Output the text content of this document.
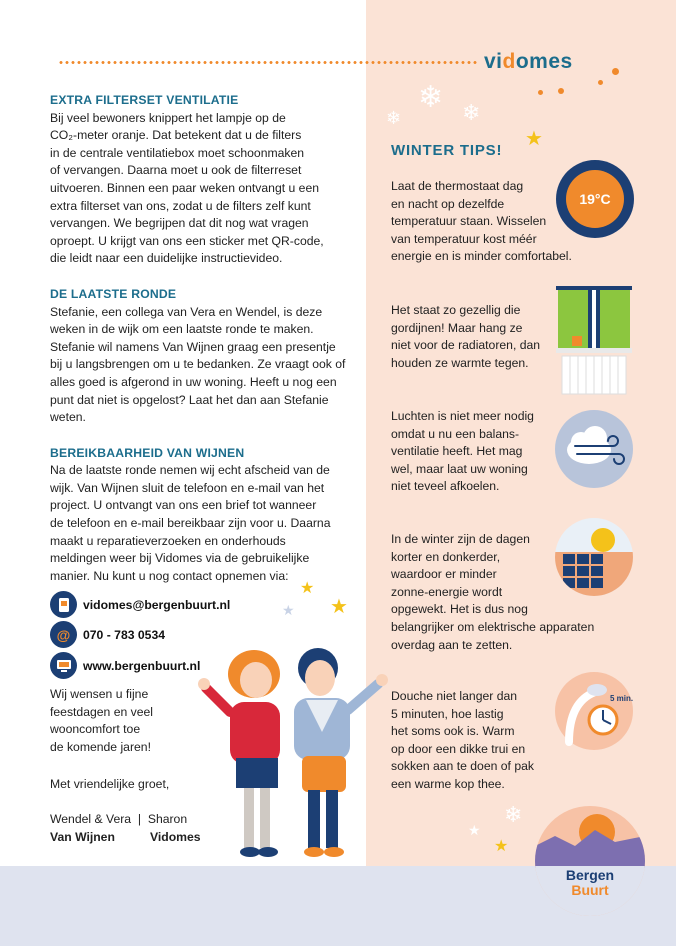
vidomes
EXTRA FILTERSET VENTILATIE
Bij veel bewoners knippert het lampje op de
CO₂-meter oranje. Dat betekent dat u de filters
in de centrale ventilatiebox moet schoonmaken
of vervangen. Daarna moet u ook de filterreset
uitvoeren. Binnen een paar weken ontvangt u een
extra filterset van ons, zodat u de filters zelf kunt
vervangen. We begrijpen dat dit nog wat vragen
oproept. U krijgt van ons een sticker met QR-code,
die leidt naar een duidelijke instructievideo.
DE LAATSTE RONDE
Stefanie, een collega van Vera en Wendel, is deze
weken in de wijk om een laatste ronde te maken.
Stefanie wil namens Van Wijnen graag een presentje
bij u langsbrengen om u te bedanken. Ze vraagt ook of
alles goed is afgerond in uw woning. Heeft u nog een
punt dat niet is opgelost? Laat het dan aan Stefanie
weten.
BEREIKBAARHEID VAN WIJNEN
Na de laatste ronde nemen wij echt afscheid van de
wijk. Van Wijnen sluit de telefoon en e-mail van het
project. U ontvangt van ons een brief tot wanneer
de telefoon en e-mail bereikbaar zijn voor u. Daarna
maakt u reparatieverzoeken en onderhouds
meldingen weer bij Vidomes via de gebruikelijke
manier. Nu kunt u nog contact opnemen via:
vidomes@bergenbuurt.nl
@ 070 - 783 0534
www.bergenbuurt.nl
Wij wensen u fijne
feestdagen en veel
wooncomfort toe
de komende jaren!
Met vriendelijke groet,
Wendel & Vera | Sharon
Van Wijnen	Vidomes
★
★
★
❄ ❄
❄
★
❄
★
★
WINTER TIPS!
Laat de thermostaat dag
en nacht op dezelfde
temperatuur staan. Wisselen
van temperatuur kost méér
energie en is minder comfortabel.
19°C
Het staat zo gezellig die
gordijnen! Maar hang ze
niet voor de radiatoren, dan
houden ze warmte tegen.
Luchten is niet meer nodig
omdat u nu een balans-
ventilatie heeft. Het mag
wel, maar laat uw woning
niet teveel afkoelen.
In de winter zijn de dagen
korter en donkerder,
waardoor er minder
zonne-energie wordt
opgewekt. Het is dus nog
belangrijker om elektrische apparaten
overdag aan te zetten.
Douche niet langer dan
5 minuten, hoe lastig
het soms ook is. Warm
op door een dikke trui en
sokken aan te doen of pak
een warme kop thee.
5 min.
Bergen
Buurt
